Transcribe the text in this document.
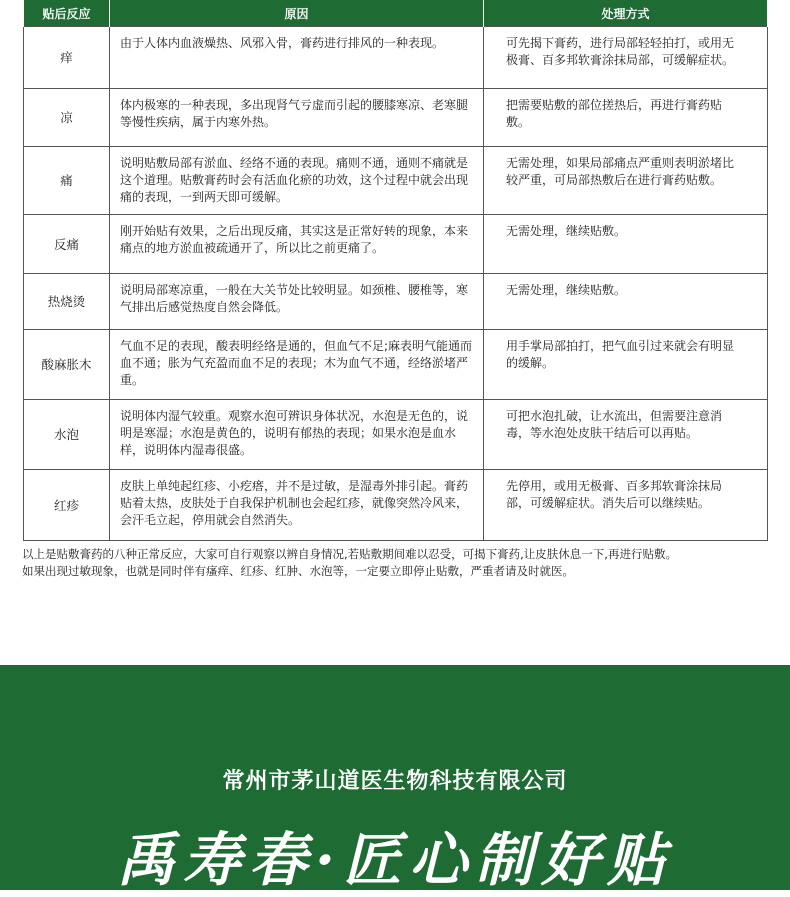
贴后反应	原因	处理方式
痒	由于人体内血液燥热、风邪入骨，膏药进行排风的一种表现。	可先揭下膏药，进行局部轻轻拍打，或用无极膏、百多邦软膏涂抹局部，可缓解症状。
凉	体内极寒的一种表现，多出现肾气亏虚而引起的腰膝寒凉、老寒腿等慢性疾病，属于内寒外热。	把需要贴敷的部位搓热后，再进行膏药贴敷。
痛	说明贴敷局部有淤血、经络不通的表现。痛则不通，通则不痛就是这个道理。贴敷膏药时会有活血化瘀的功效，这个过程中就会出现痛的表现，一到两天即可缓解。	无需处理，如果局部痛点严重则表明淤堵比较严重，可局部热敷后在进行膏药贴敷。
反痛	刚开始贴有效果，之后出现反痛，其实这是正常好转的现象，本来痛点的地方淤血被疏通开了，所以比之前更痛了。	无需处理，继续贴敷。
热烧烫	说明局部寒凉重，一般在大关节处比较明显。如颈椎、腰椎等，寒气排出后感觉热度自然会降低。	无需处理，继续贴敷。
酸麻胀木	气血不足的表现，酸表明经络是通的，但血气不足;麻表明气能通而血不通；胀为气充盈而血不足的表现；木为血气不通，经络淤堵严重。	用手掌局部拍打，把气血引过来就会有明显的缓解。
水泡	说明体内湿气较重。观察水泡可辨识身体状况，水泡是无色的，说明是寒湿；水泡是黄色的，说明有郁热的表现；如果水泡是血水样，说明体内湿毒很盛。	可把水泡扎破，让水流出，但需要注意消毒，等水泡处皮肤干结后可以再贴。
红疹	皮肤上单纯起红疹、小疙瘩，并不是过敏，是湿毒外排引起。膏药贴着太热，皮肤处于自我保护机制也会起红疹，就像突然冷风来，会汗毛立起，停用就会自然消失。	先停用，或用无极膏、百多邦软膏涂抹局部，可缓解症状。消失后可以继续贴。
以上是贴敷膏药的八种正常反应，大家可自行观察以辨自身情况,若贴敷期间难以忍受，可揭下膏药,让皮肤休息一下,再进行贴敷。
如果出现过敏现象，也就是同时伴有瘙痒、红疹、红肿、水泡等，一定要立即停止贴敷，严重者请及时就医。
常州市茅山道医生物科技有限公司
禹寿春·匠心制好贴
